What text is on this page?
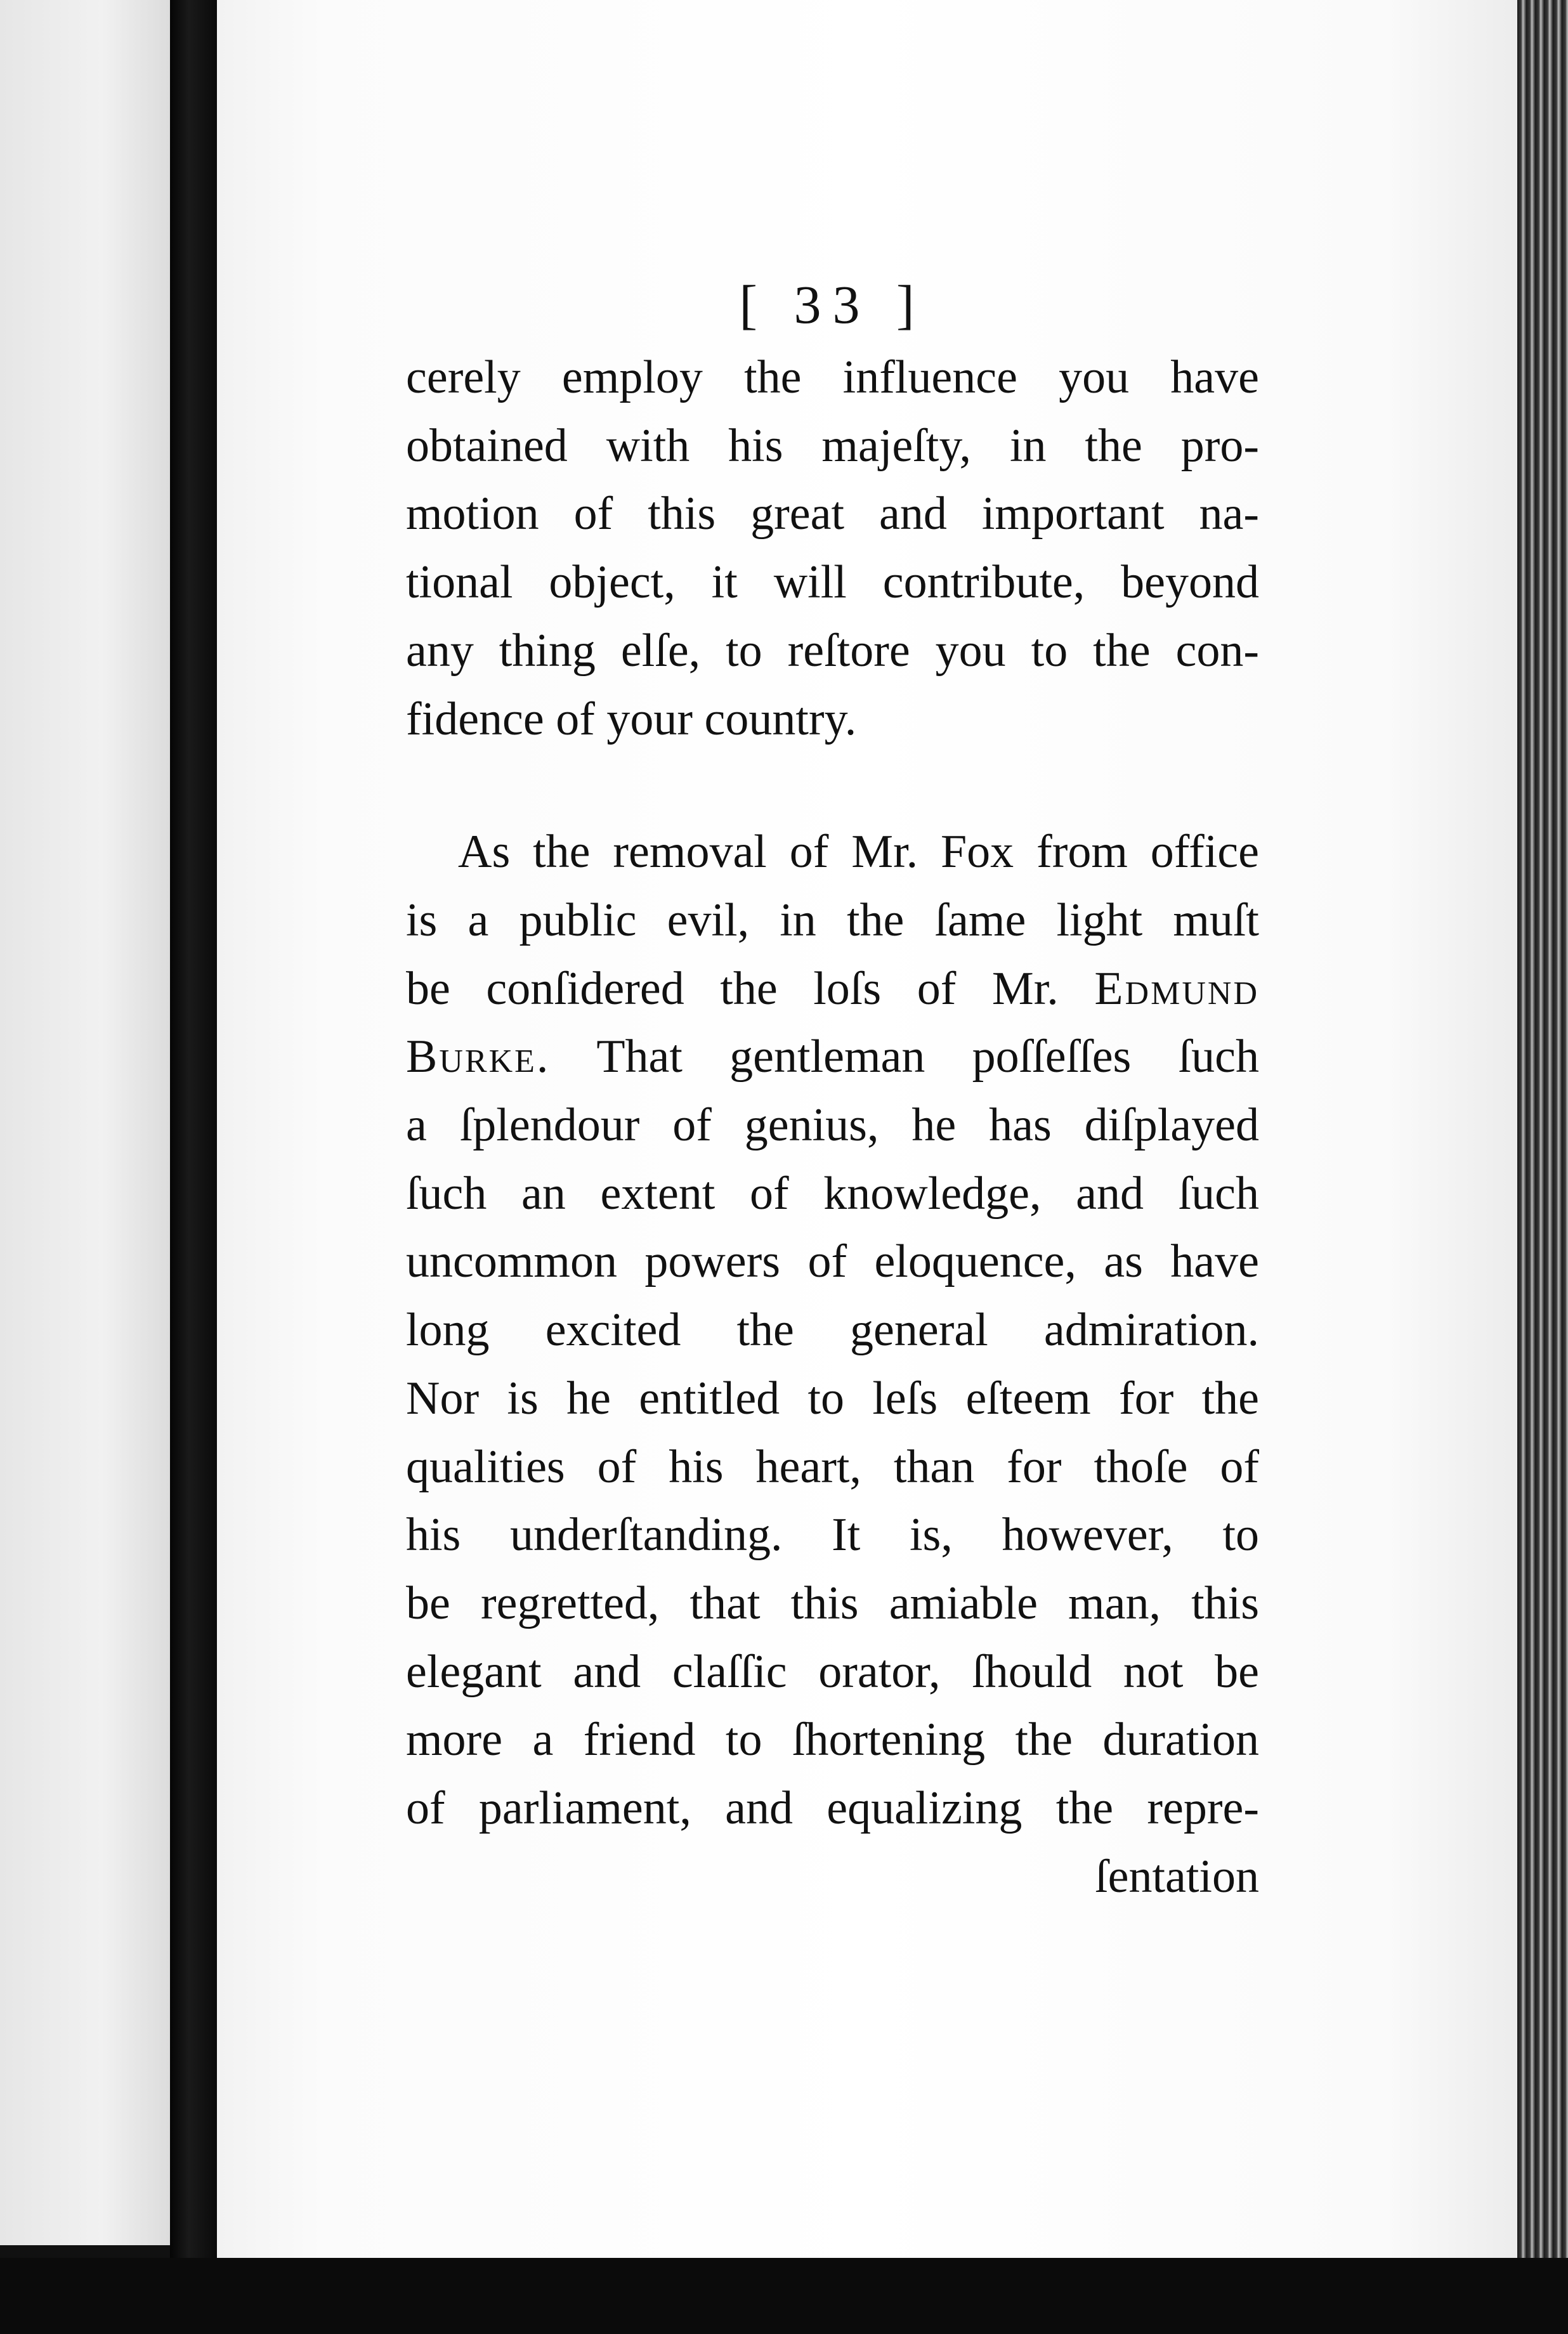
[ 33 ]
cerely employ the influence you have
obtained with his majeſty, in the pro-
motion of this great and important na-
tional object, it will contribute, beyond
any thing elſe, to reſtore you to the con-
fidence of your country.
As the removal of Mr. Fox from office
is a public evil, in the ſame light muſt
be conſidered the loſs of Mr. Edmund
Burke. That gentleman poſſeſſes ſuch
a ſplendour of genius, he has diſplayed
ſuch an extent of knowledge, and ſuch
uncommon powers of eloquence, as have
long excited the general admiration.
Nor is he entitled to leſs eſteem for the
qualities of his heart, than for thoſe of
his underſtanding. It is, however, to
be regretted, that this amiable man, this
elegant and claſſic orator, ſhould not be
more a friend to ſhortening the duration
of parliament, and equalizing the repre-
ſentation
